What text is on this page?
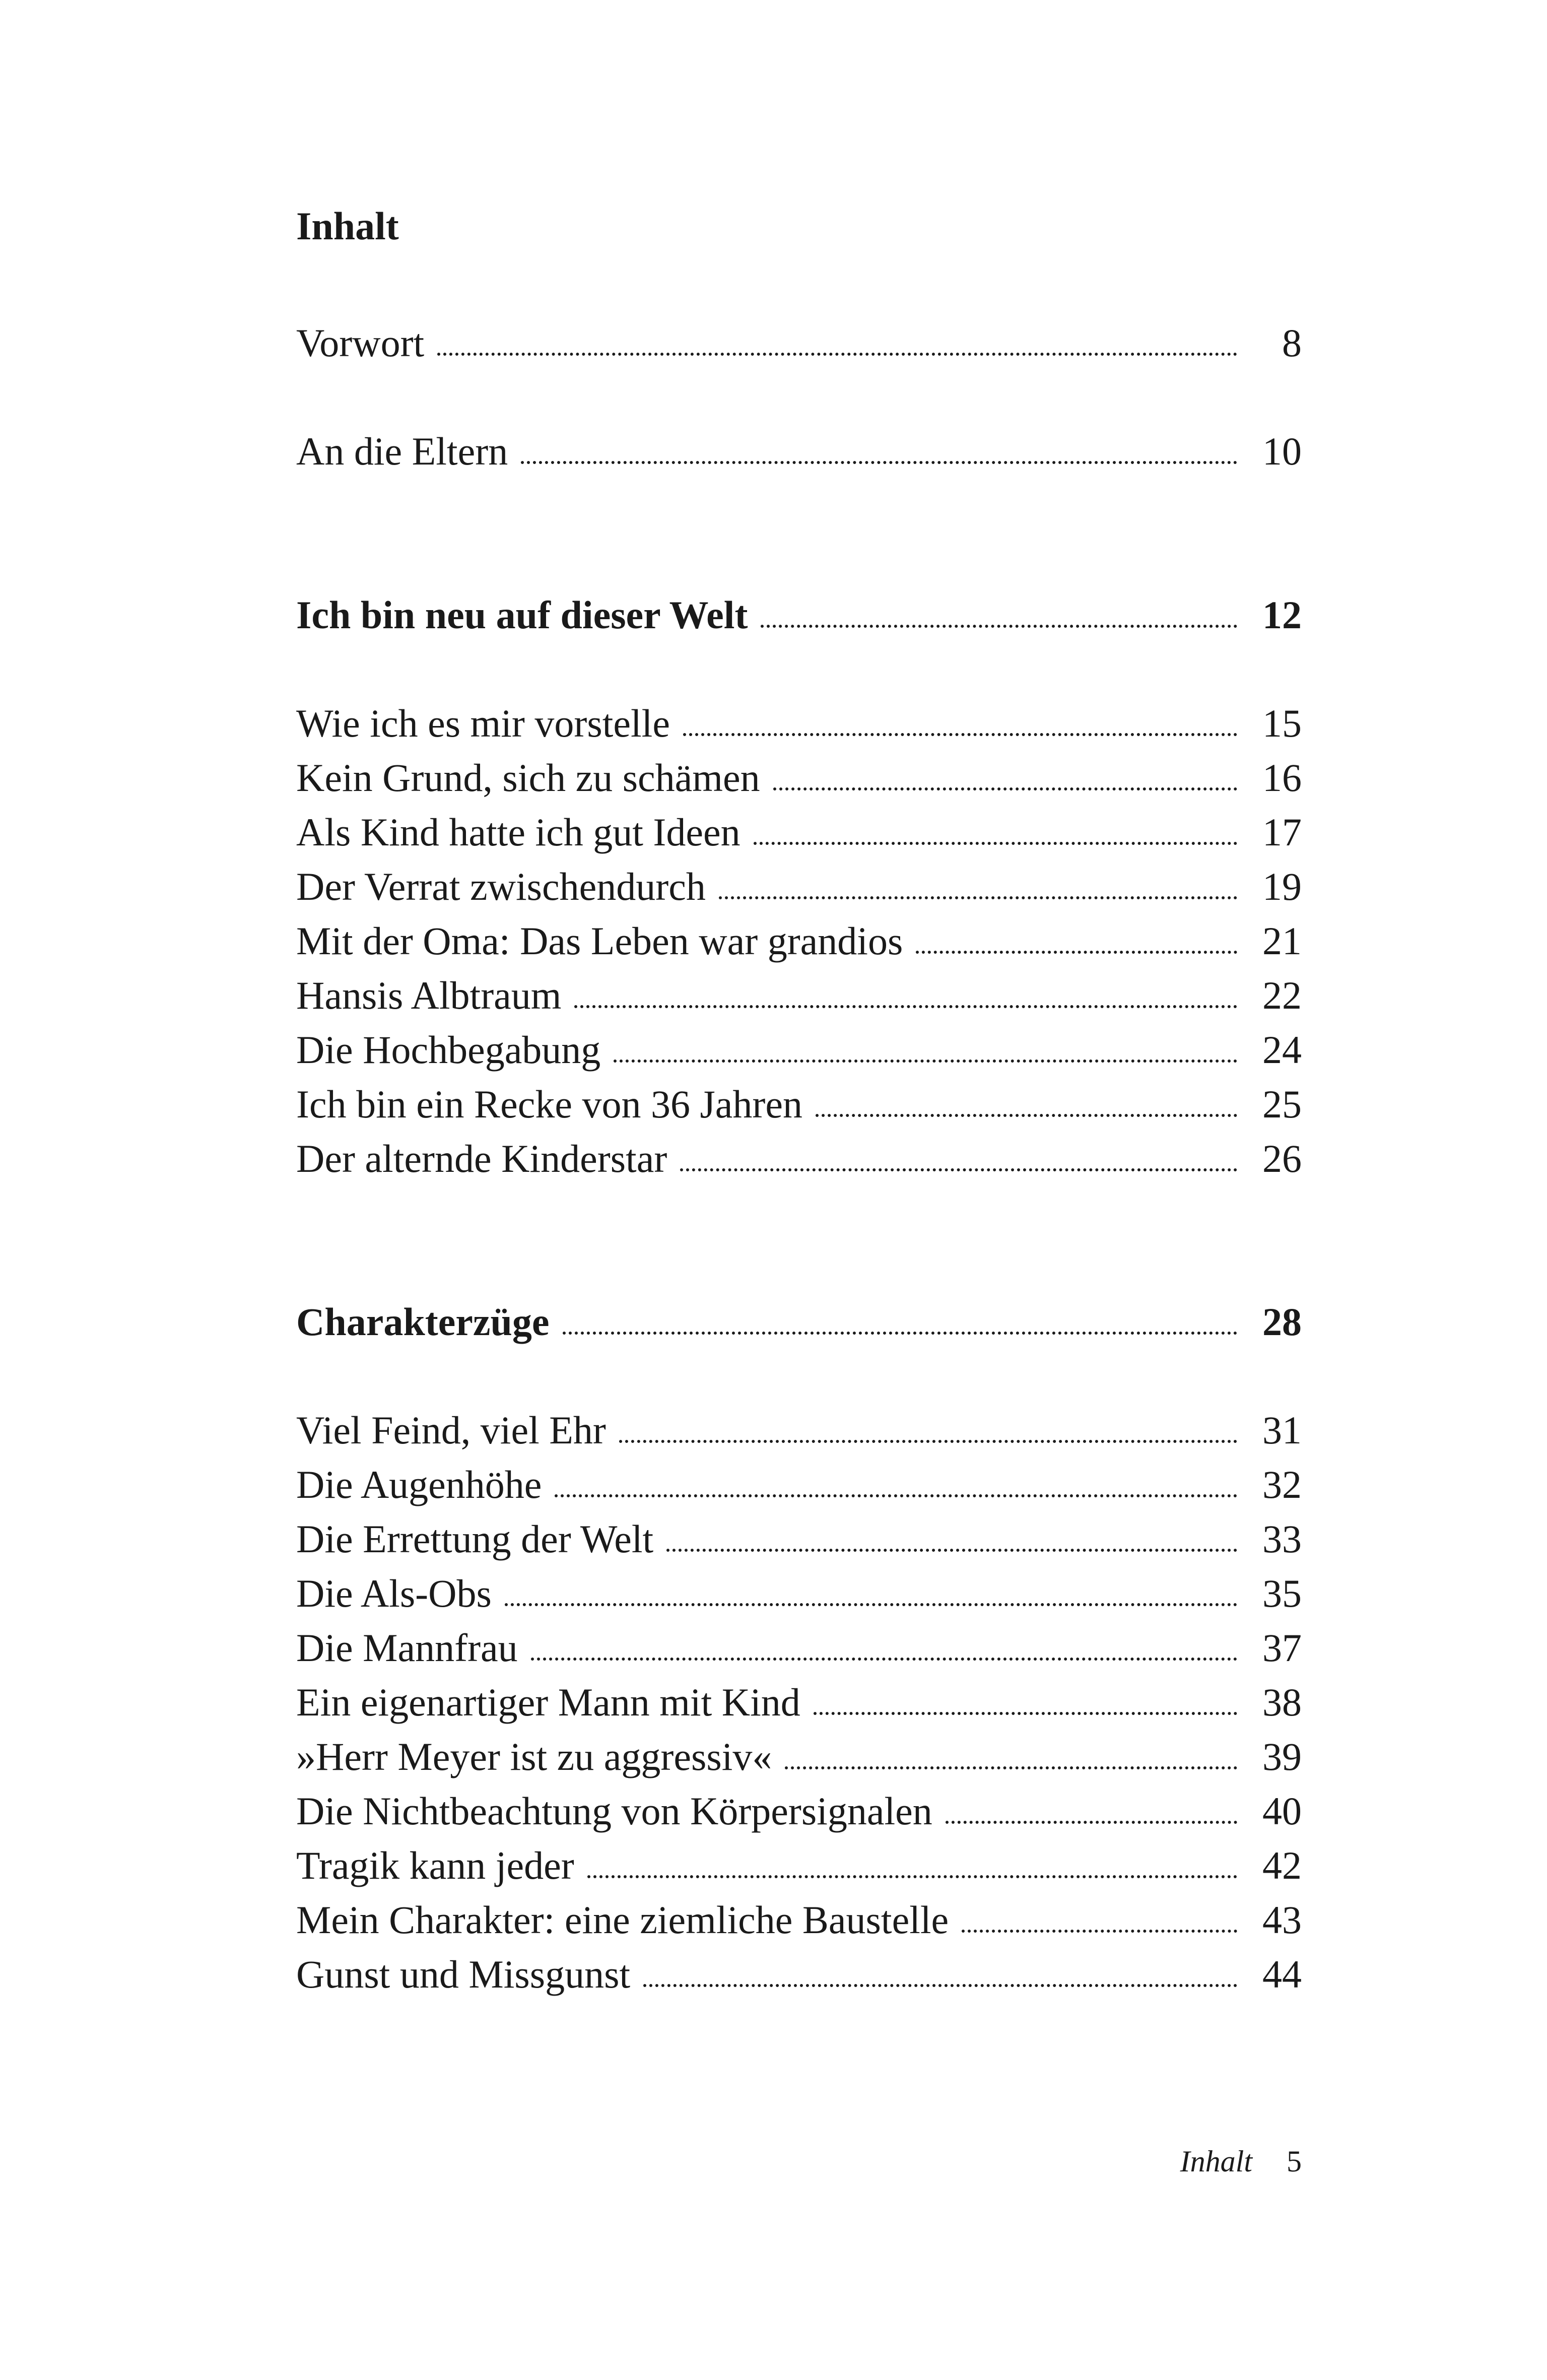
Inhalt
Vorwort	8
An die Eltern	10
Ich bin neu auf dieser Welt	12
Wie ich es mir vorstelle	15
Kein Grund, sich zu schämen	16
Als Kind hatte ich gut Ideen	17
Der Verrat zwischendurch	19
Mit der Oma: Das Leben war grandios	21
Hansis Albtraum	22
Die Hochbegabung	24
Ich bin ein Recke von 36 Jahren	25
Der alternde Kinderstar	26
Charakterzüge	28
Viel Feind, viel Ehr	31
Die Augenhöhe	32
Die Errettung der Welt	33
Die Als-Obs	35
Die Mannfrau	37
Ein eigenartiger Mann mit Kind	38
»Herr Meyer ist zu aggressiv«	39
Die Nichtbeachtung von Körpersignalen	40
Tragik kann jeder	42
Mein Charakter: eine ziemliche Baustelle	43
Gunst und Missgunst	44
Inhalt 5
